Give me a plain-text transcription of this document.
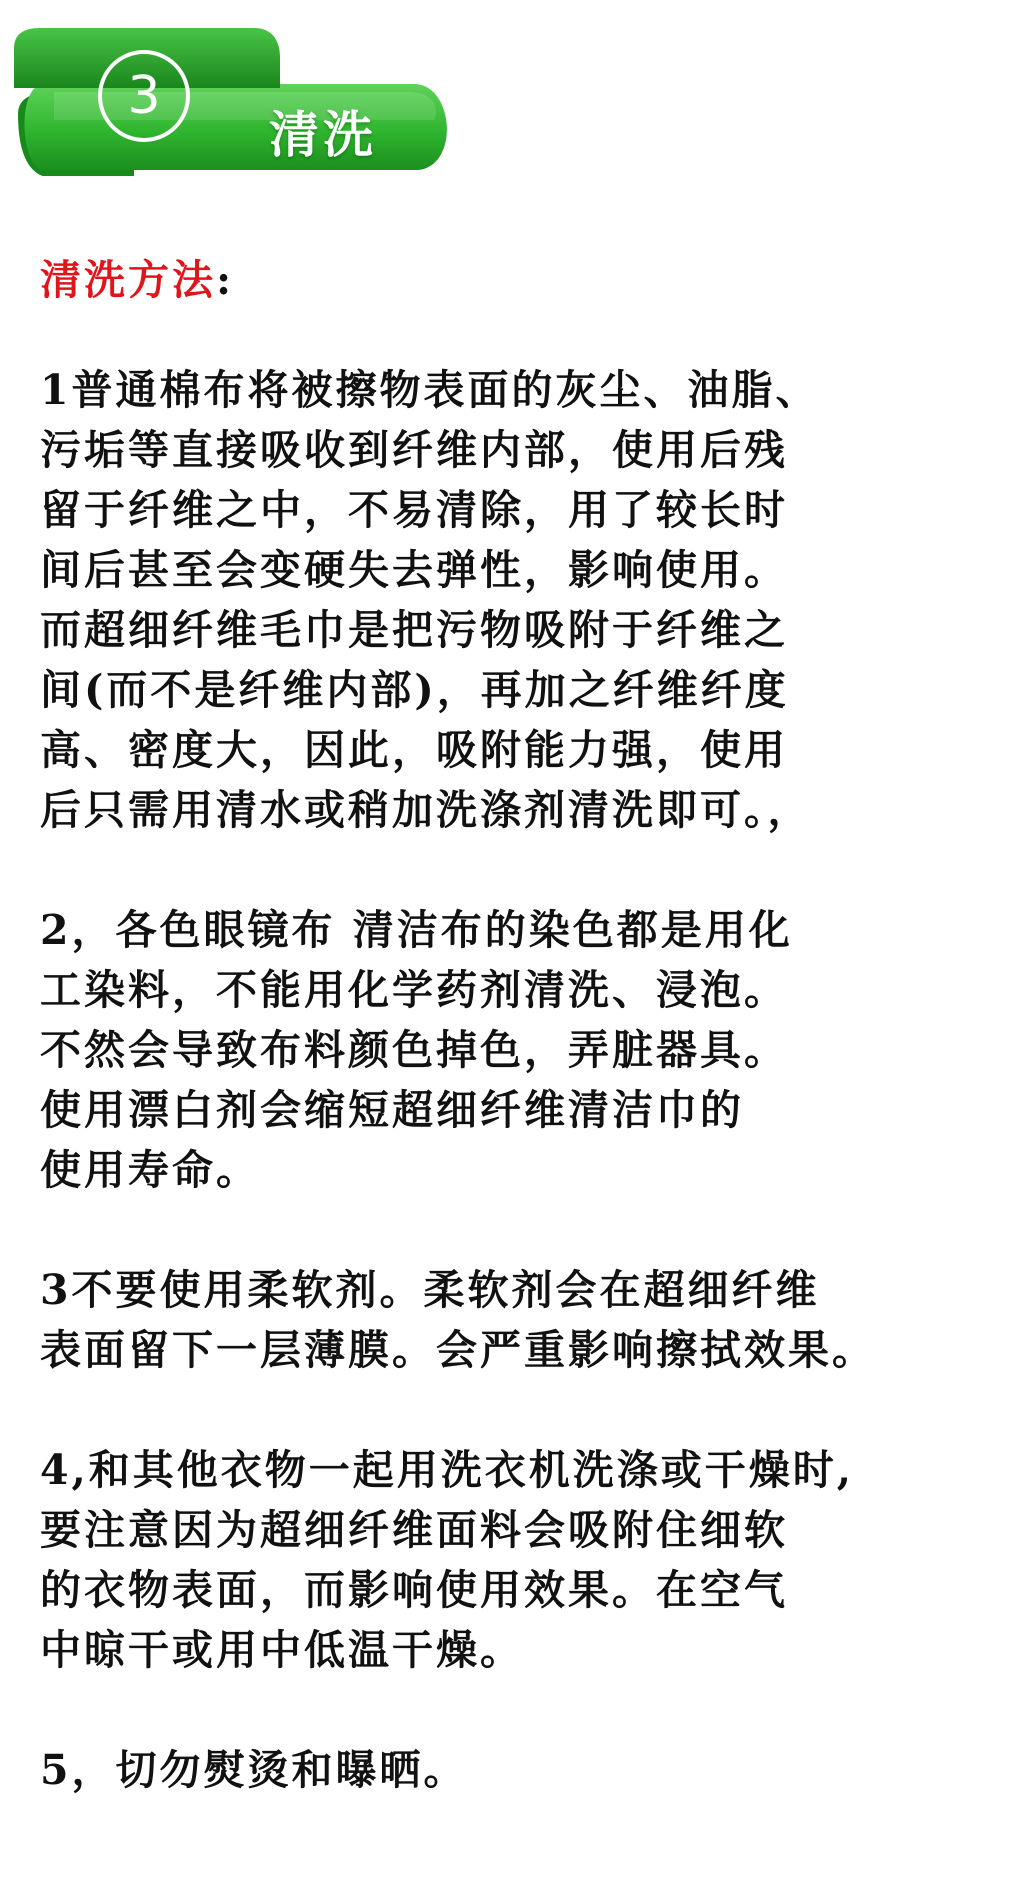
3
清洗
清洗方法:
1普通棉布将被擦物表面的灰尘、油脂、
污垢等直接吸收到纤维内部，使用后残
留于纤维之中，不易清除，用了较长时
间后甚至会变硬失去弹性，影响使用。
而超细纤维毛巾是把污物吸附于纤维之
间(而不是纤维内部)，再加之纤维纤度
高、密度大，因此，吸附能力强，使用
后只需用清水或稍加洗涤剂清洗即可。，
2，各色眼镜布 清洁布的染色都是用化
工染料，不能用化学药剂清洗、浸泡。
不然会导致布料颜色掉色，弄脏器具。
使用漂白剂会缩短超细纤维清洁巾的
使用寿命。
3不要使用柔软剂。柔软剂会在超细纤维
表面留下一层薄膜。会严重影响擦拭效果。
4,和其他衣物一起用洗衣机洗涤或干燥时,
要注意因为超细纤维面料会吸附住细软
的衣物表面，而影响使用效果。在空气
中晾干或用中低温干燥。
5，切勿熨烫和曝晒。
